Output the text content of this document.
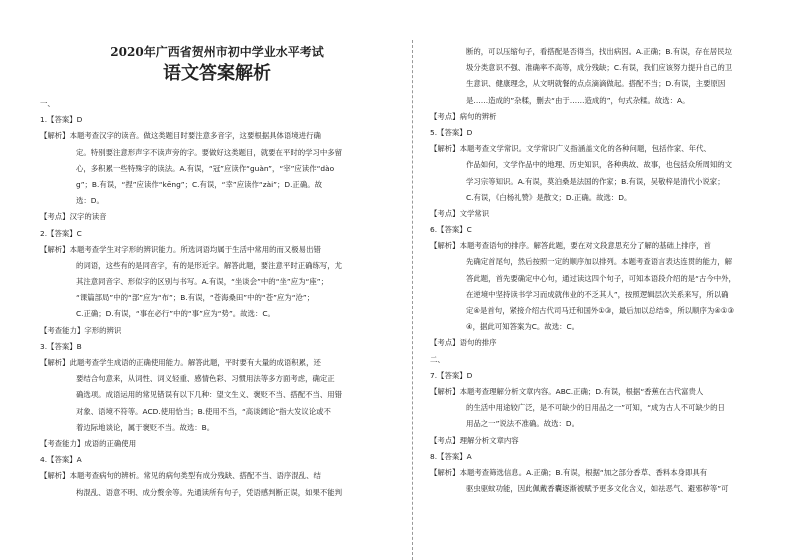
2020年广西省贺州市初中学业水平考试
语文答案解析
一、
1.【答案】D
【解析】本题考查汉字的读音。做这类题目时要注意多音字，这要根据具体语境进行确
定。特别要注意形声字不读声旁的字。要做好这类题目，就要在平时的学习中多留
心，多积累一些特殊字的读法。A.有误，“冠”应读作“guàn”，“宰”应读作“dào
g”；B.有误，“捏”应读作“kēng”；C.有误，“幸”应读作“zài”；D.正确。故
选：D。
【考点】汉字的读音
2.【答案】C
【解析】本题考查学生对字形的辨识能力。所选词语均属于生活中常用的而又极易出错
的词语，这些有的是同音字，有的是形近字。解答此题，要注意平时正确练写，尤
其注意同音字、形似字的区别与书写。A.有误，“坐谈会”中的“坐”应为“座”；
“课篇部局”中的“部”应为“布”；B.有误，“苍海桑田”中的“苍”应为“沧”；
C.正确；D.有误，“事在必行”中的“事”应为“势”。故选：C。
【考查能力】字形的辨识
3.【答案】B
【解析】此题考查学生成语的正确使用能力。解答此题，平时要有大量的成语积累，还
要结合句意来，从词性、词义轻重、感情色彩、习惯用法等多方面考虑，确定正
确选项。成语运用的常见错误有以下几种：望文生义、褒贬不当、搭配不当、用错
对象、语境不符等。ACD.使用恰当；B.使用不当，“高谈阔论”指大发议论或不
着边际地谈论，属于褒贬不当。故选：B。
【考查能力】成语的正确使用
4.【答案】A
【解析】本题考查病句的辨析。常见的病句类型有成分残缺、搭配不当、语序混乱、结
构混乱、语意不明、成分赘余等。先通读所有句子，凭语感判断正误，如果不能判
断的，可以压缩句子，看搭配是否得当，找出病因。A.正确；B.有误，存在居民垃
圾分类意识不强、准确率不高等，成分残缺；C.有误，我们应该努力提升自己的卫
生意识、健康理念，从文明就餐的点点滴滴做起。搭配不当；D.有误，主要原因
是……造成的”杂糅，删去“由于……造成的”，句式杂糅。故选：A。
【考点】病句的辨析
5.【答案】D
【解析】本题考查文学常识。文学常识广义指涵盖文化的各种问题，包括作家、年代、
作品如何，文学作品中的地理、历史知识，各种典故、故事，也包括众所周知的文
学习宗等知识。A.有误，莫泊桑是法国的作家；B.有误，吴敬梓是清代小说家；
C.有误，《白杨礼赞》是散文；D.正确。故选：D。
【考点】文学常识
6.【答案】C
【解析】本题考查语句的排序。解答此题，要在对文段意思充分了解的基础上排序，首
先确定首尾句，然后按照一定的顺序加以排列。本题考查语言表达连贯的能力，解
答此题，首先要确定中心句，通过读这四个句子，可知本语段介绍的是“古今中外，
在逆境中坚持读书学习而成就伟业的不乏其人”，按照逻辑层次关系来写，所以确
定④是首句，紧接介绍古代司马迁和国外①③，最后加以总结⑤，所以顺序为④①③
④，据此可知答案为C。故选：C。
【考点】语句的排序
二、
7.【答案】D
【解析】本题考查理解分析文章内容。ABC.正确；D.有误，根据“香蕉在古代富贵人
的生活中用途较广泛，是不可缺少的日用品之一”可知，“成为古人不可缺少的日
用品之一”说法不准确。故选：D。
【考点】理解分析文章内容
8.【答案】A
【解析】本题考查筛选信息。A.正确；B.有误，根据“加之部分香草、香料本身即具有
驱虫驱蚊功能，因此佩戴香囊逐渐被赋予更多文化含义，如祛恶气、避邪秽等”可
